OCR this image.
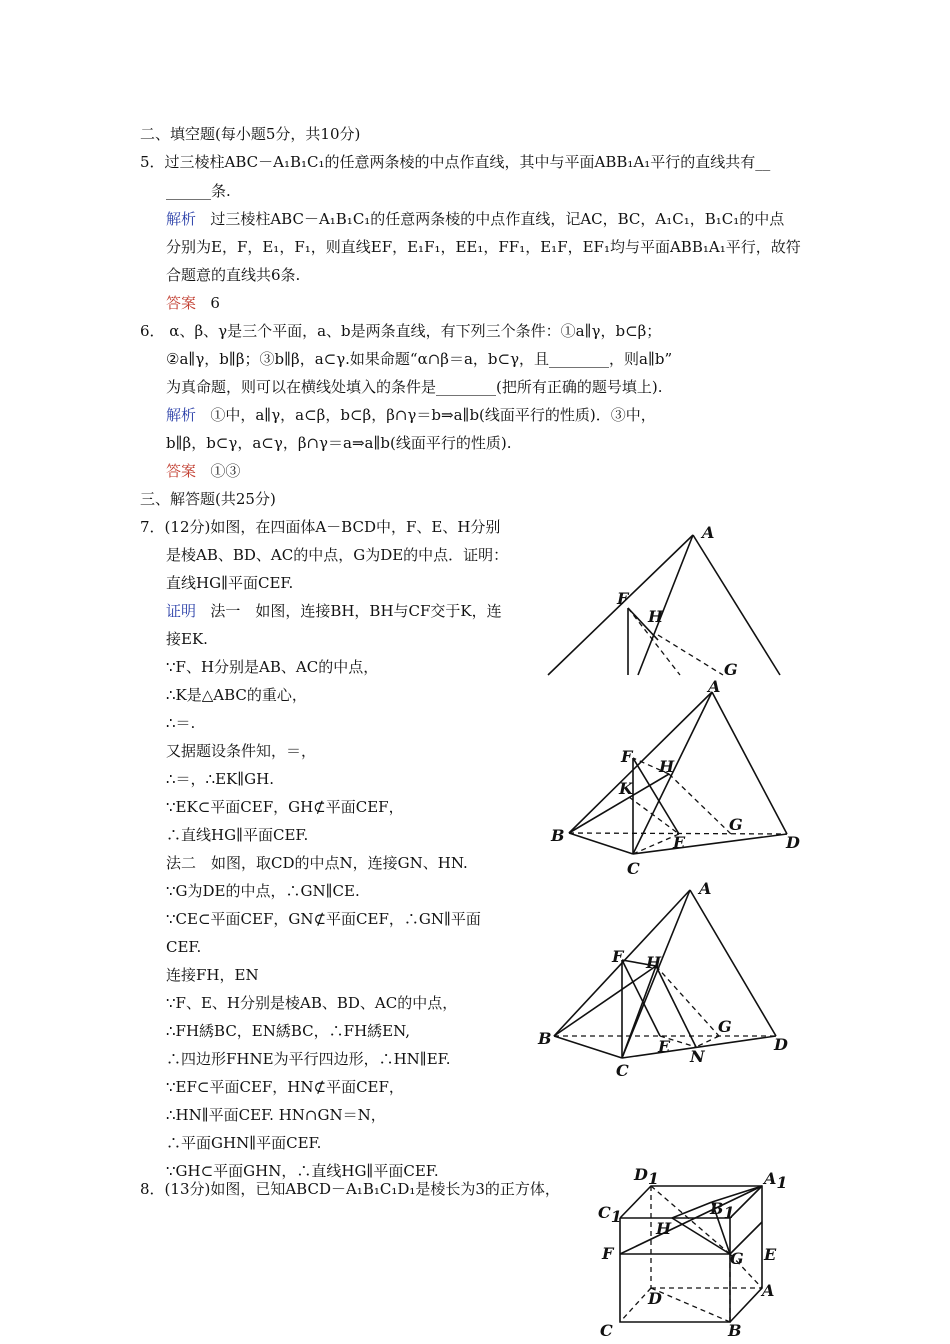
二、填空题(每小题5分，共10分)
5．过三棱柱ABC－A₁B₁C₁的任意两条棱的中点作直线，其中与平面ABB₁A₁平行的直线共有__
______条.
解析 过三棱柱ABC－A₁B₁C₁的任意两条棱的中点作直线，记AC，BC，A₁C₁，B₁C₁的中点
分别为E，F，E₁，F₁，则直线EF，E₁F₁，EE₁，FF₁，E₁F，EF₁均与平面ABB₁A₁平行，故符
合题意的直线共6条.
答案 6
6． α、β、γ是三个平面，a、b是两条直线，有下列三个条件：①a∥γ，b⊂β；
②a∥γ，b∥β；③b∥β，a⊂γ.如果命题“α∩β＝a，b⊂γ，且________，则a∥b”
为真命题，则可以在横线处填入的条件是________(把所有正确的题号填上).
解析 ①中，a∥γ，a⊂β，b⊂β，β∩γ＝b⇒a∥b(线面平行的性质)．③中，
b∥β，b⊂γ，a⊂γ，β∩γ＝a⇒a∥b(线面平行的性质).
答案 ①③
三、解答题(共25分)
7．(12分)如图，在四面体A－BCD中，F、E、H分别
是棱AB、BD、AC的中点，G为DE的中点．证明：
直线HG∥平面CEF.
证明 法一　如图，连接BH，BH与CF交于K，连
接EK.
∵F、H分别是AB、AC的中点，
∴K是△ABC的重心，
∴＝.
又据题设条件知，＝，
∴＝，∴EK∥GH.
∵EK⊂平面CEF，GH⊄平面CEF，
∴直线HG∥平面CEF.
法二　如图，取CD的中点N，连接GN、HN.
∵G为DE的中点，∴GN∥CE.
∵CE⊂平面CEF，GN⊄平面CEF，∴GN∥平面
CEF.
连接FH，EN
∵F、E、H分别是棱AB、BD、AC的中点，
∴FH綉BC，EN綉BC，∴FH綉EN,
∴四边形FHNE为平行四边形，∴HN∥EF.
∵EF⊂平面CEF，HN⊄平面CEF，
∴HN∥平面CEF. HN∩GN＝N，
∴平面GHN∥平面CEF.
∵GH⊂平面GHN，∴直线HG∥平面CEF.
8．(13分)如图，已知ABCD－A₁B₁C₁D₁是棱长为3的正方体，
A
F
H
G
A
F
H
K
B	E
G
C
D
A
F H
G
B	E
N
C
D
D1	A1
C1	B1
H
F	G E
D	A
C	B
